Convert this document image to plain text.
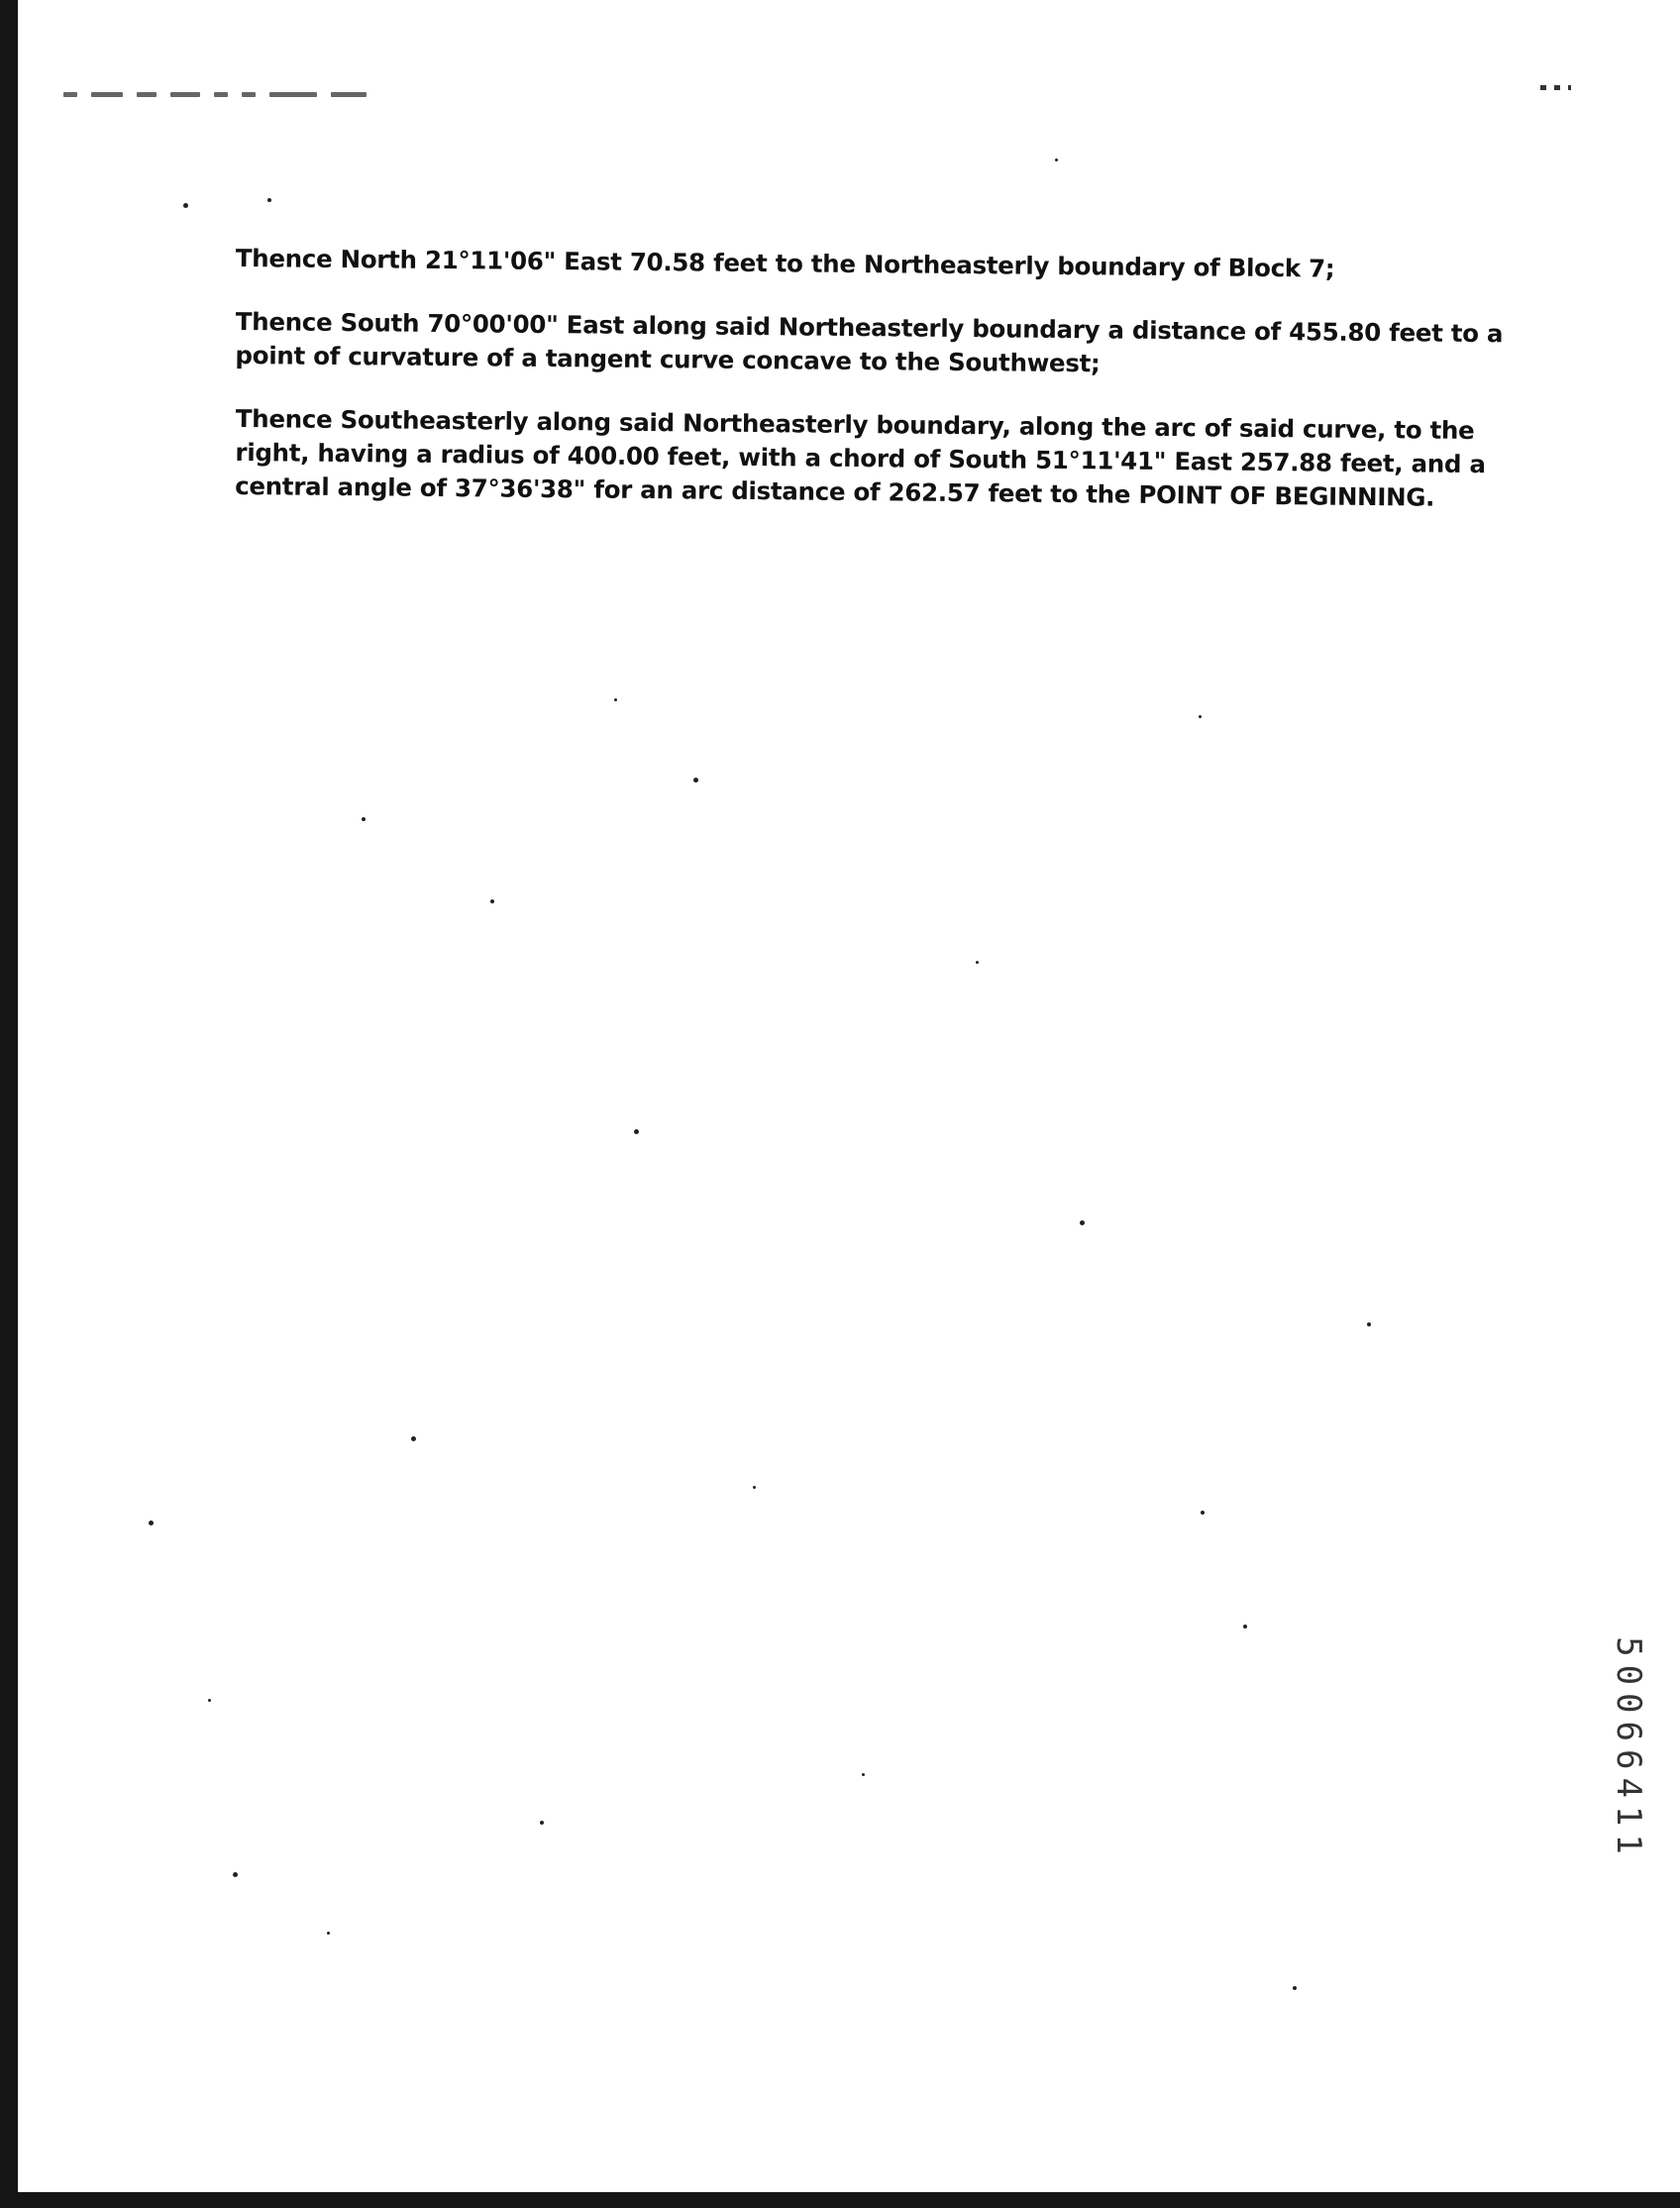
Thence North 21°11'06" East 70.58 feet to the Northeasterly boundary of Block 7;

Thence South 70°00'00" East along said Northeasterly boundary a distance of 455.80 feet to a point of curvature of a tangent curve concave to the Southwest;

Thence Southeasterly along said Northeasterly boundary, along the arc of said curve, to the right, having a radius of 400.00 feet, with a chord of South 51°11'41" East 257.88 feet, and a central angle of 37°36'38" for an arc distance of 262.57 feet to the POINT OF BEGINNING.

50066411
